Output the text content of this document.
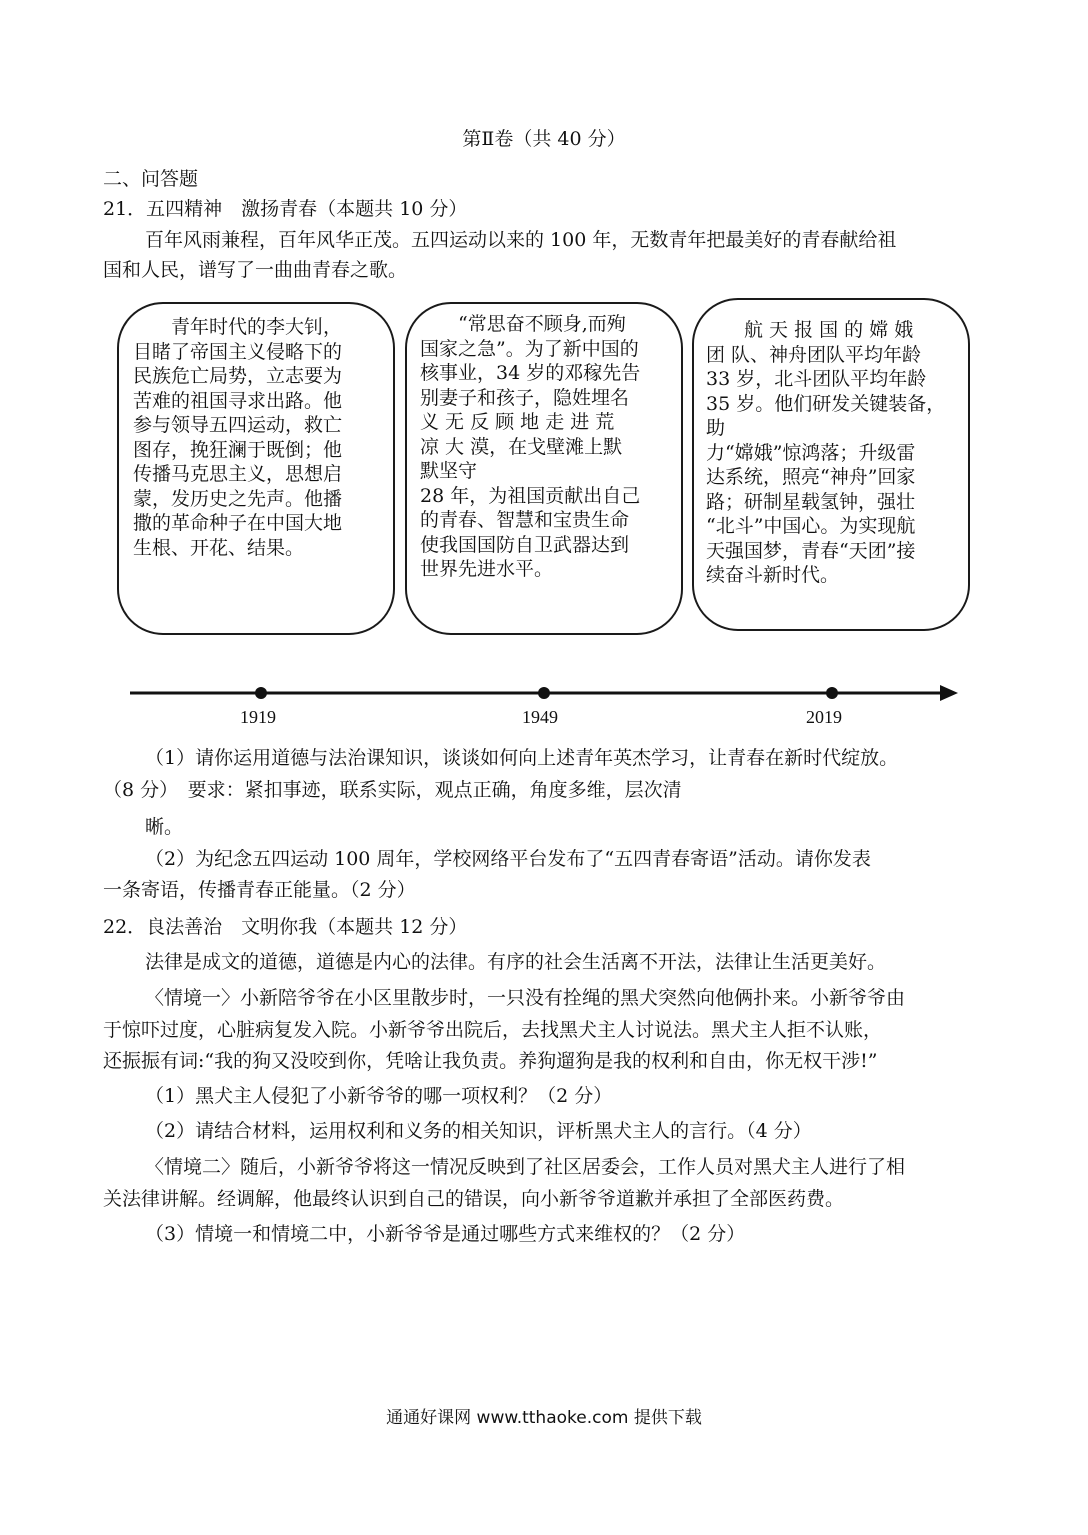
第Ⅱ卷（共 40 分）
二、问答题
21．五四精神　激扬青春（本题共 10 分）
百年风雨兼程，百年风华正茂。五四运动以来的 100 年，无数青年把最美好的青春献给祖
国和人民，谱写了一曲曲青春之歌。
　　青年时代的李大钊，
目睹了帝国主义侵略下的
民族危亡局势，立志要为
苦难的祖国寻求出路。他
参与领导五四运动，救亡
图存，挽狂澜于既倒；他
传播马克思主义，思想启
蒙，发历史之先声。他播
撒的革命种子在中国大地
生根、开花、结果。
　　“常思奋不顾身,而殉
国家之急”。为了新中国的
核事业，34 岁的邓稼先告
别妻子和孩子，隐姓埋名
义 无 反 顾 地 走 进 荒
凉 大 漠，在戈壁滩上默
默坚守
28 年，为祖国贡献出自己
的青春、智慧和宝贵生命
使我国国防自卫武器达到
世界先进水平。
　　航 天 报 国 的 嫦 娥
团 队、神舟团队平均年龄
33 岁，北斗团队平均年龄
35 岁。他们研发关键装备，
助
力“嫦娥”惊鸿落；升级雷
达系统，照亮“神舟”回家
路；研制星载氢钟，强壮
“北斗”中国心。为实现航
天强国梦，青春“天团”接
续奋斗新时代。
1919	1949	2019
（1）请你运用道德与法治课知识，谈谈如何向上述青年英杰学习，让青春在新时代绽放。
（8 分）　要求：紧扣事迹，联系实际，观点正确，角度多维，层次清
晰。
（2）为纪念五四运动 100 周年，学校网络平台发布了“五四青春寄语”活动。请你发表
一条寄语，传播青春正能量。（2 分）
22．良法善治　文明你我（本题共 12 分）
法律是成文的道德，道德是内心的法律。有序的社会生活离不开法，法律让生活更美好。
〈情境一〉小新陪爷爷在小区里散步时，一只没有拴绳的黑犬突然向他俩扑来。小新爷爷由
于惊吓过度，心脏病复发入院。小新爷爷出院后，去找黑犬主人讨说法。黑犬主人拒不认账，
还振振有词:“我的狗又没咬到你，凭啥让我负责。养狗遛狗是我的权利和自由，你无权干涉!”
（1）黑犬主人侵犯了小新爷爷的哪一项权利？（2 分）
（2）请结合材料，运用权利和义务的相关知识，评析黑犬主人的言行。（4 分）
〈情境二〉随后，小新爷爷将这一情况反映到了社区居委会，工作人员对黑犬主人进行了相
关法律讲解。经调解，他最终认识到自己的错误，向小新爷爷道歉并承担了全部医药费。
（3）情境一和情境二中，小新爷爷是通过哪些方式来维权的？（2 分）
通通好课网 www.tthaoke.com 提供下载
